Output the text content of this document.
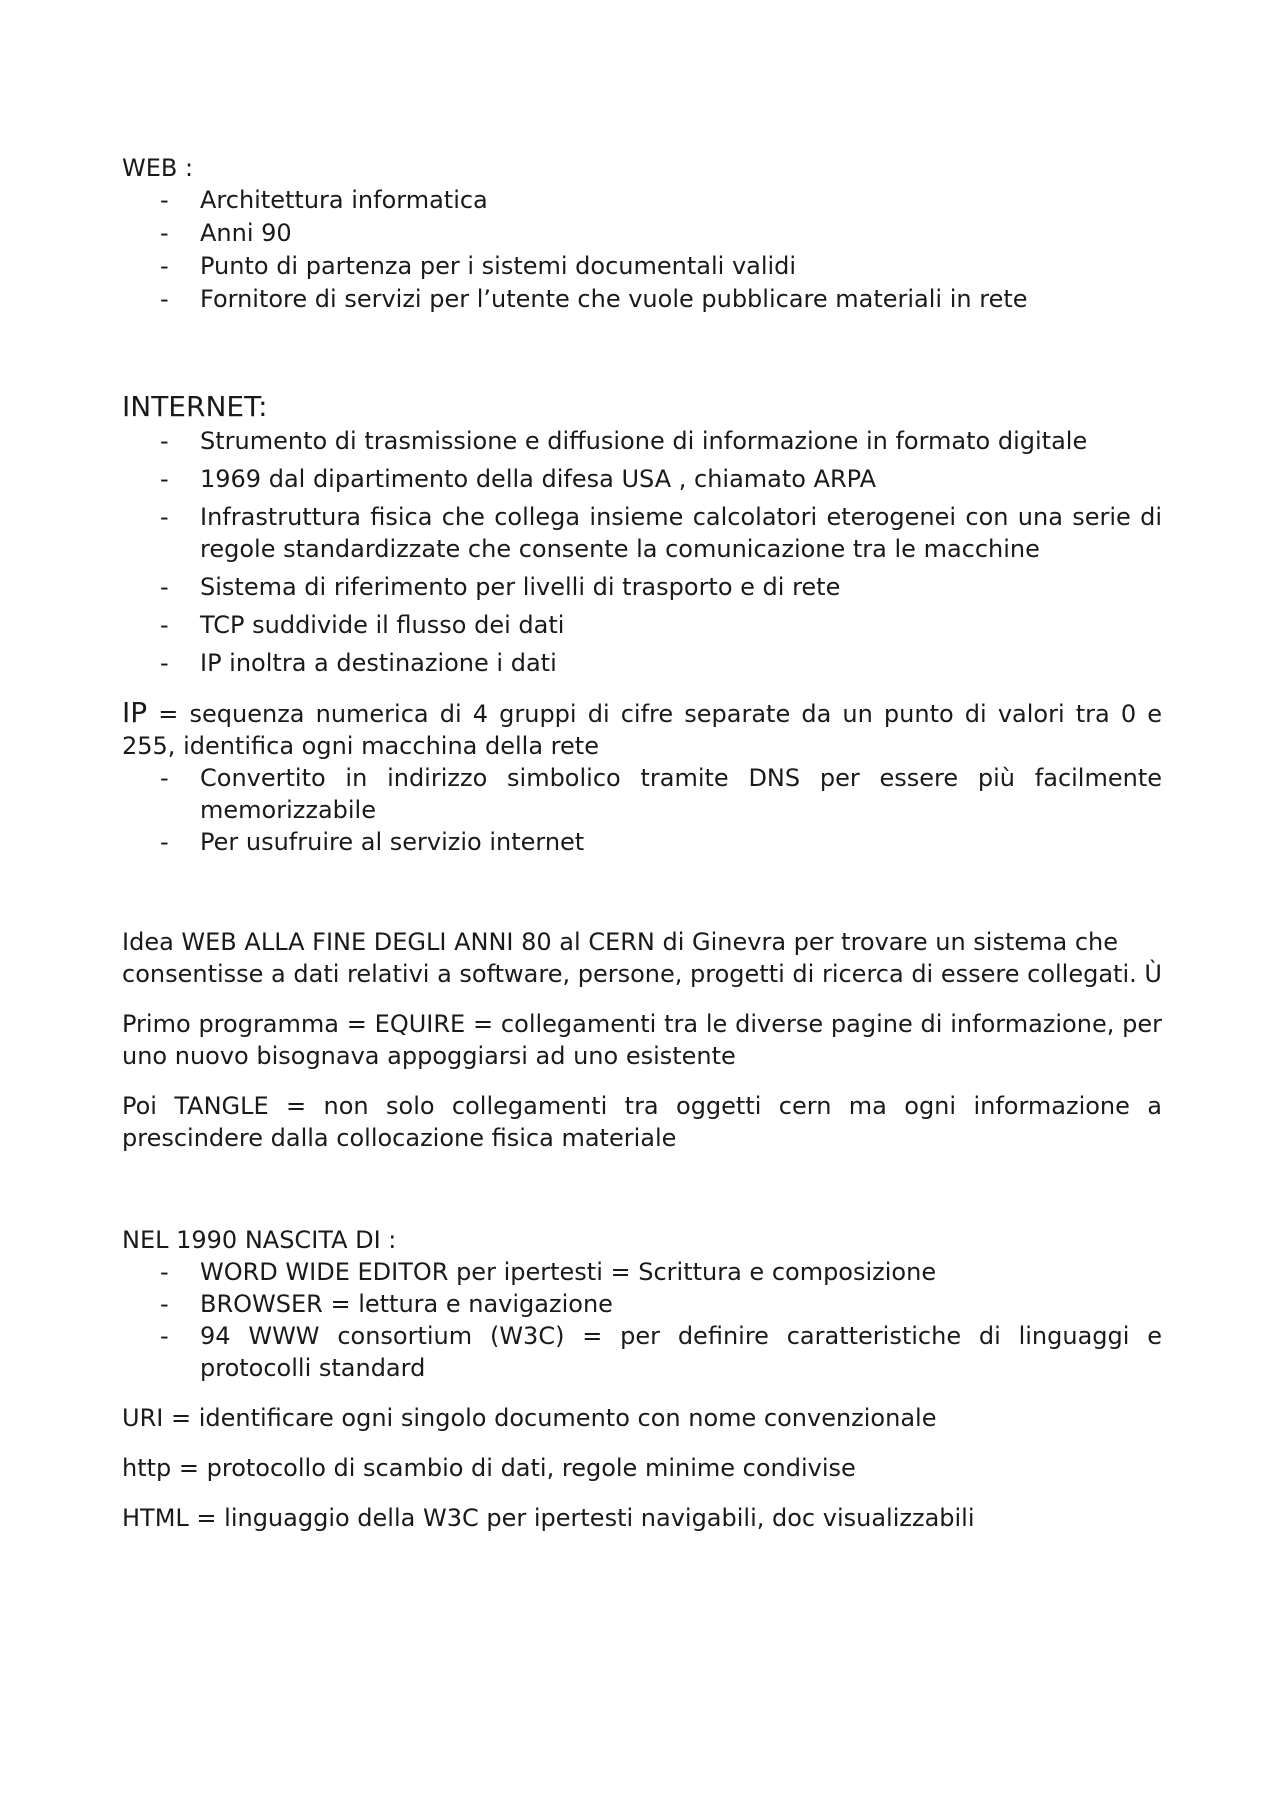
WEB :

- Architettura informatica
- Anni 90
- Punto di partenza per i sistemi documentali validi
- Fornitore di servizi per l’utente che vuole pubblicare materiali in rete

INTERNET:

- Strumento di trasmissione e diffusione di informazione in formato digitale
- 1969 dal dipartimento della difesa USA , chiamato ARPA
- Infrastruttura fisica che collega insieme calcolatori eterogenei con una serie di regole standardizzate che consente la comunicazione tra le macchine
- Sistema di riferimento per livelli di trasporto e di rete
- TCP suddivide il flusso dei dati
- IP inoltra a destinazione i dati

IP = sequenza numerica di 4 gruppi di cifre separate da un punto di valori tra 0 e 255, identifica ogni macchina della rete

- Convertito in indirizzo simbolico tramite DNS per essere più facilmente memorizzabile
- Per usufruire al servizio internet

Idea WEB ALLA FINE DEGLI ANNI 80 al CERN di Ginevra per trovare un sistema che consentisse a dati relativi a software, persone, progetti di ricerca di essere collegati. Ù

Primo programma = EQUIRE = collegamenti tra le diverse pagine di informazione, per uno nuovo bisognava appoggiarsi ad uno esistente

Poi TANGLE = non solo collegamenti tra oggetti cern ma ogni informazione a prescindere dalla collocazione fisica materiale

NEL 1990 NASCITA DI :

- WORD WIDE EDITOR per ipertesti = Scrittura e composizione
- BROWSER = lettura e navigazione
- 94 WWW consortium (W3C) = per definire caratteristiche di linguaggi e protocolli standard

URI = identificare ogni singolo documento con nome convenzionale

http = protocollo di scambio di dati, regole minime condivise

HTML = linguaggio della W3C per ipertesti navigabili, doc visualizzabili
